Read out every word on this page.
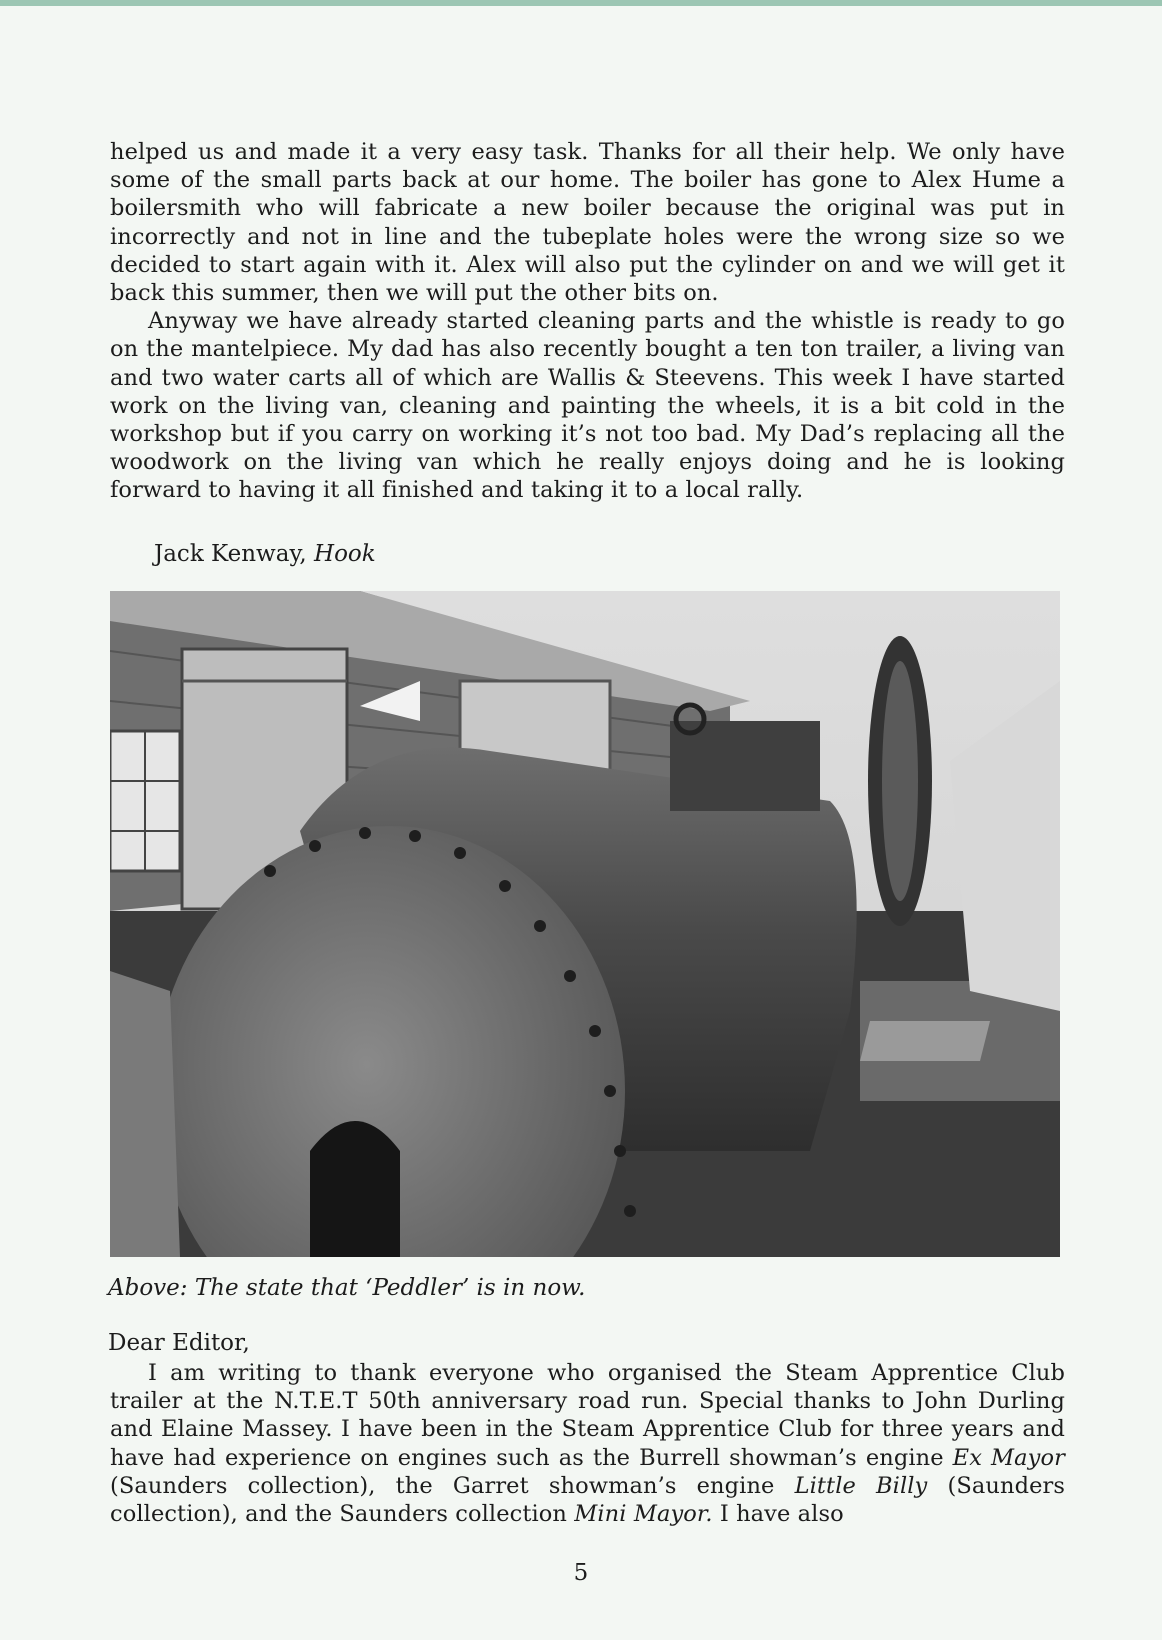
helped us and made it a very easy task. Thanks for all their help. We only have some of the small parts back at our home. The boiler has gone to Alex Hume a boilersmith who will fabricate a new boiler because the original was put in incorrectly and not in line and the tubeplate holes were the wrong size so we decided to start again with it. Alex will also put the cylinder on and we will get it back this summer, then we will put the other bits on.

Anyway we have already started cleaning parts and the whistle is ready to go on the mantelpiece. My dad has also recently bought a ten ton trailer, a living van and two water carts all of which are Wallis & Steevens. This week I have started work on the living van, cleaning and painting the wheels, it is a bit cold in the workshop but if you carry on working it’s not too bad. My Dad’s replacing all the woodwork on the living van which he really enjoys doing and he is looking forward to having it all finished and taking it to a local rally.

Jack Kenway, Hook
Above: The state that ‘Peddler’ is in now.
Dear Editor,

I am writing to thank everyone who organised the Steam Apprentice Club trailer at the N.T.E.T 50th anniversary road run. Special thanks to John Durling and Elaine Massey. I have been in the Steam Apprentice Club for three years and have had experience on engines such as the Burrell showman’s engine Ex Mayor (Saunders collection), the Garret showman’s engine Little Billy (Saunders collection), and the Saunders collection Mini Mayor. I have also

5
